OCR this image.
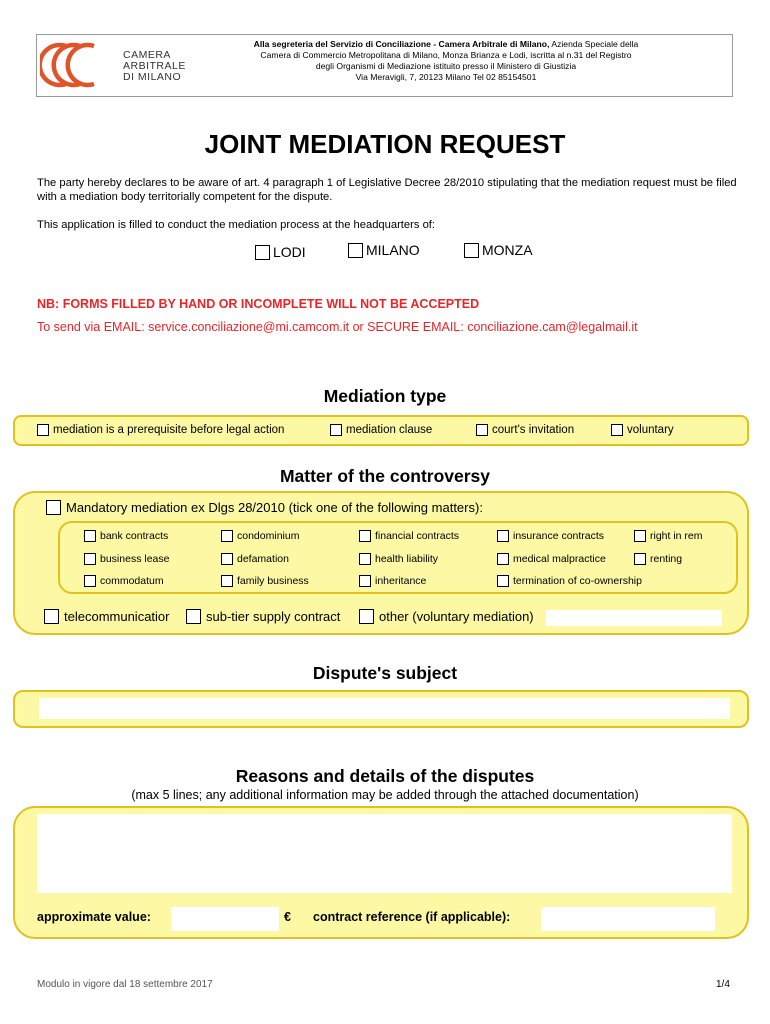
CAMERA
ARBITRALE
DI MILANO
Alla segreteria del Servizio di Conciliazione - Camera Arbitrale di Milano, Azienda Speciale della
Camera di Commercio Metropolitana di Milano, Monza Brianza e Lodi, iscritta al n.31 del Registro
degli Organismi di Mediazione istituito presso il Ministero di Giustizia
Via Meravigli, 7, 20123 Milano Tel 02 85154501
JOINT MEDIATION REQUEST
The party hereby declares to be aware of art. 4 paragraph 1 of Legislative Decree 28/2010 stipulating that the mediation request must be filed with a mediation body territorially competent for the dispute.
This application is filled to conduct the mediation process at the headquarters of:
LODI	MILANO	MONZA
NB: FORMS FILLED BY HAND OR INCOMPLETE WILL NOT BE ACCEPTED
To send via EMAIL: service.conciliazione@mi.camcom.it or SECURE EMAIL: conciliazione.cam@legalmail.it
Mediation type
mediation is a prerequisite before legal action	mediation clause	court's invitation	voluntary
Matter of the controversy
Mandatory mediation ex Dlgs 28/2010 (tick one of the following matters):
bank contracts	condominium	financial contracts	insurance contracts	right in rem
business lease	defamation	health liability	medical malpractice	renting
commodatum	family business	inheritance	termination of co-ownership
telecommunicatior	sub-tier supply contract	other (voluntary mediation)
Dispute's subject
Reasons and details of the disputes
(max 5 lines; any additional information may be added through the attached documentation)
approximate value:	€ contract reference (if applicable):
Modulo in vigore dal 18 settembre 2017	1/4
